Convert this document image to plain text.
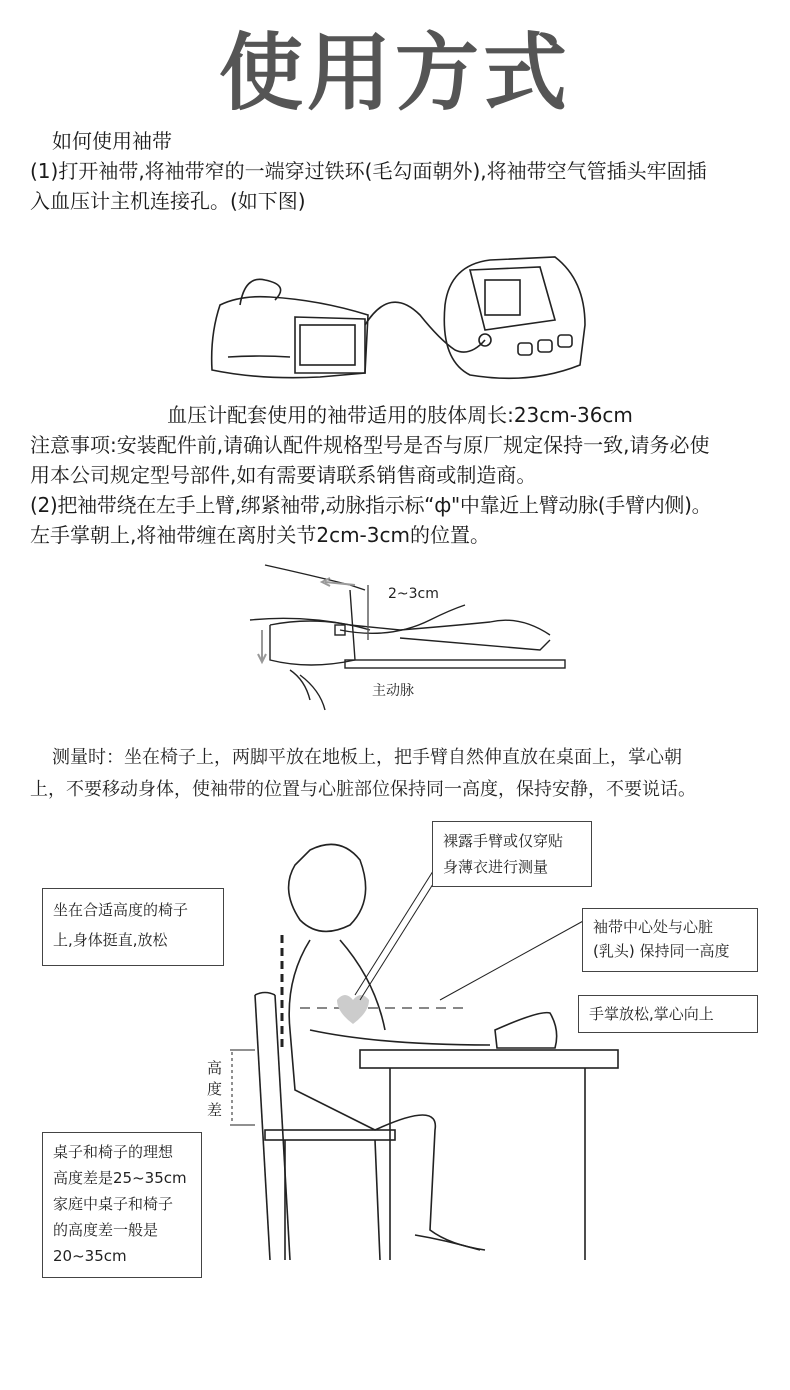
使用方式
如何使用袖带
(1)打开袖带,将袖带窄的一端穿过铁环(毛勾面朝外),将袖带空气管插头牢固插
入血压计主机连接孔。(如下图)
血压计配套使用的袖带适用的肢体周长:23cm-36cm
注意事项:安装配件前,请确认配件规格型号是否与原厂规定保持一致,请务必使
用本公司规定型号部件,如有需要请联系销售商或制造商。
(2)把袖带绕在左手上臂,绑紧袖带,动脉指示标“ф"中靠近上臂动脉(手臂内侧)。
左手掌朝上,将袖带缠在离肘关节2cm-3cm的位置。
2~3cm
主动脉
测量时：坐在椅子上，两脚平放在地板上，把手臂自然伸直放在桌面上，掌心朝
上，不要移动身体，使袖带的位置与心脏部位保持同一高度，保持安静，不要说话。
裸露手臂或仅穿贴
身薄衣进行测量
坐在合适高度的椅子
上,身体挺直,放松
袖带中心处与心脏
(乳头) 保持同一高度
手掌放松,掌心向上
高
度
差
桌子和椅子的理想
高度差是25~35cm
家庭中桌子和椅子
的高度差一般是
20~35cm
